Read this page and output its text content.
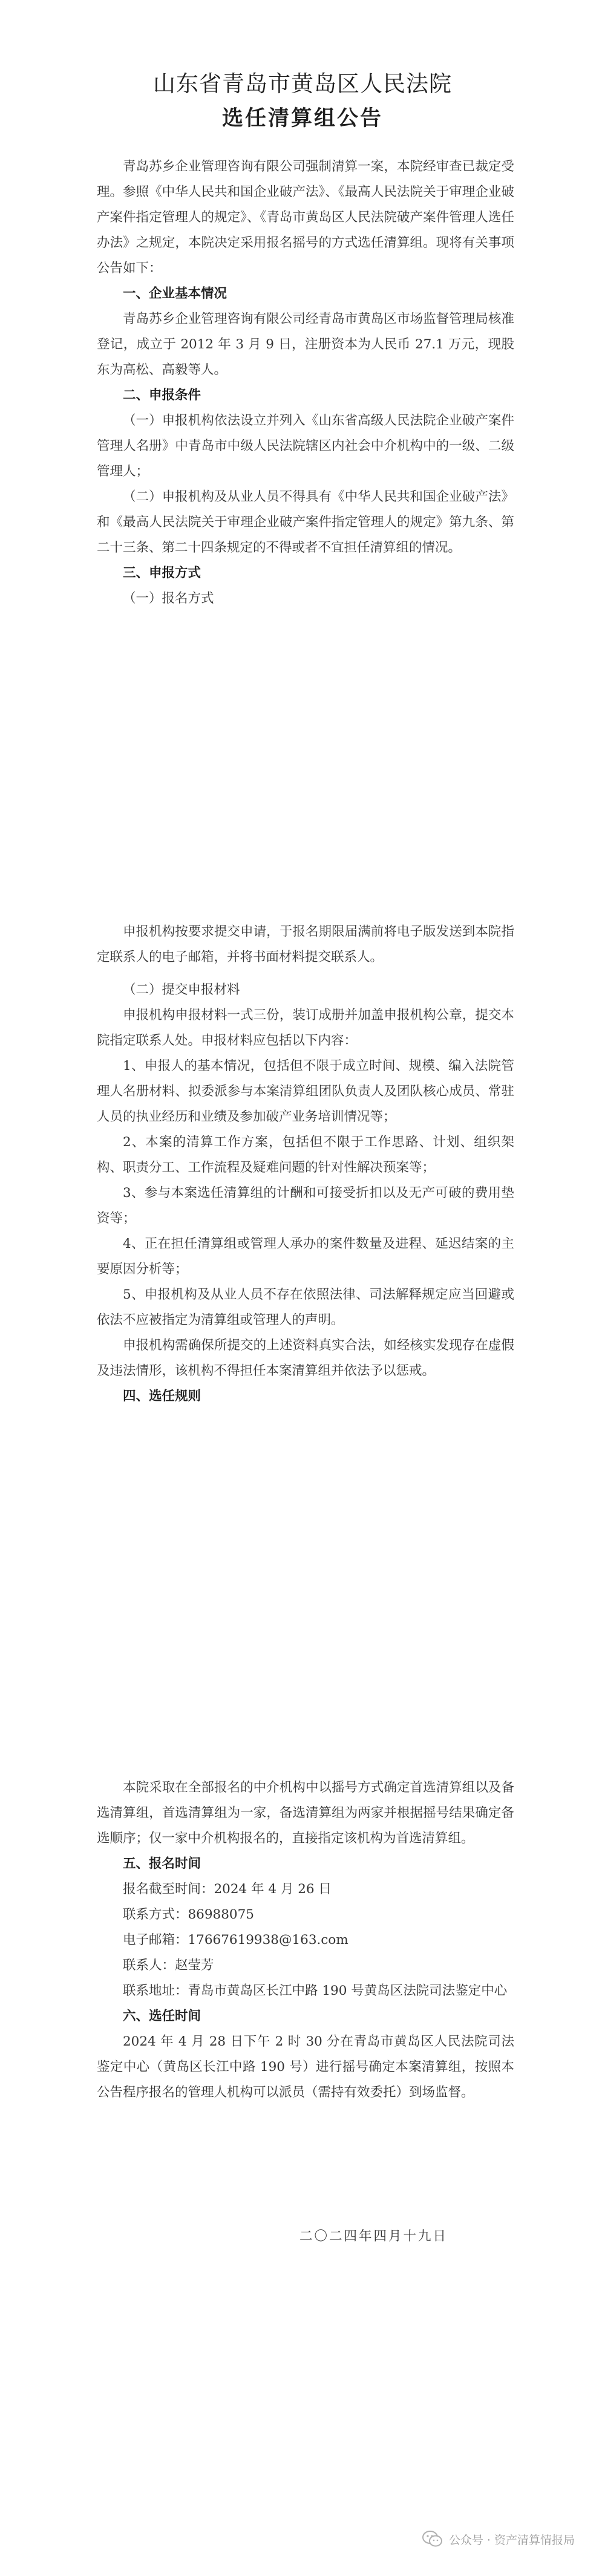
山东省青岛市黄岛区人民法院
选任清算组公告

青岛苏乡企业管理咨询有限公司强制清算一案，本院经审查已裁定受理。参照《中华人民共和国企业破产法》、《最高人民法院关于审理企业破产案件指定管理人的规定》、《青岛市黄岛区人民法院破产案件管理人选任办法》之规定，本院决定采用报名摇号的方式选任清算组。现将有关事项公告如下：

一、企业基本情况

青岛苏乡企业管理咨询有限公司经青岛市黄岛区市场监督管理局核准登记，成立于 2012 年 3 月 9 日，注册资本为人民币 27.1 万元，现股东为高松、高毅等人。

二、申报条件

（一）申报机构依法设立并列入《山东省高级人民法院企业破产案件管理人名册》中青岛市中级人民法院辖区内社会中介机构中的一级、二级管理人；

（二）申报机构及从业人员不得具有《中华人民共和国企业破产法》和《最高人民法院关于审理企业破产案件指定管理人的规定》第九条、第二十三条、第二十四条规定的不得或者不宜担任清算组的情况。

三、申报方式

（一）报名方式

申报机构按要求提交申请，于报名期限届满前将电子版发送到本院指定联系人的电子邮箱，并将书面材料提交联系人。

（二）提交申报材料

申报机构申报材料一式三份，装订成册并加盖申报机构公章，提交本院指定联系人处。申报材料应包括以下内容：

1、申报人的基本情况，包括但不限于成立时间、规模、编入法院管理人名册材料、拟委派参与本案清算组团队负责人及团队核心成员、常驻人员的执业经历和业绩及参加破产业务培训情况等；

2、本案的清算工作方案，包括但不限于工作思路、计划、组织架构、职责分工、工作流程及疑难问题的针对性解决预案等；

3、参与本案选任清算组的计酬和可接受折扣以及无产可破的费用垫资等；

4、正在担任清算组或管理人承办的案件数量及进程、延迟结案的主要原因分析等；

5、申报机构及从业人员不存在依照法律、司法解释规定应当回避或依法不应被指定为清算组或管理人的声明。

申报机构需确保所提交的上述资料真实合法，如经核实发现存在虚假及违法情形，该机构不得担任本案清算组并依法予以惩戒。

四、选任规则

本院采取在全部报名的中介机构中以摇号方式确定首选清算组以及备选清算组，首选清算组为一家，备选清算组为两家并根据摇号结果确定备选顺序；仅一家中介机构报名的，直接指定该机构为首选清算组。

五、报名时间

报名截至时间：2024 年 4 月 26 日

联系方式：86988075

电子邮箱：17667619938@163.com

联系人：赵莹芳

联系地址：青岛市黄岛区长江中路 190 号黄岛区法院司法鉴定中心

六、选任时间

2024 年 4 月 28 日下午 2 时 30 分在青岛市黄岛区人民法院司法鉴定中心（黄岛区长江中路 190 号）进行摇号确定本案清算组，按照本公告程序报名的管理人机构可以派员（需持有效委托）到场监督。

二〇二四年四月十九日
公众号 · 资产清算情报局
